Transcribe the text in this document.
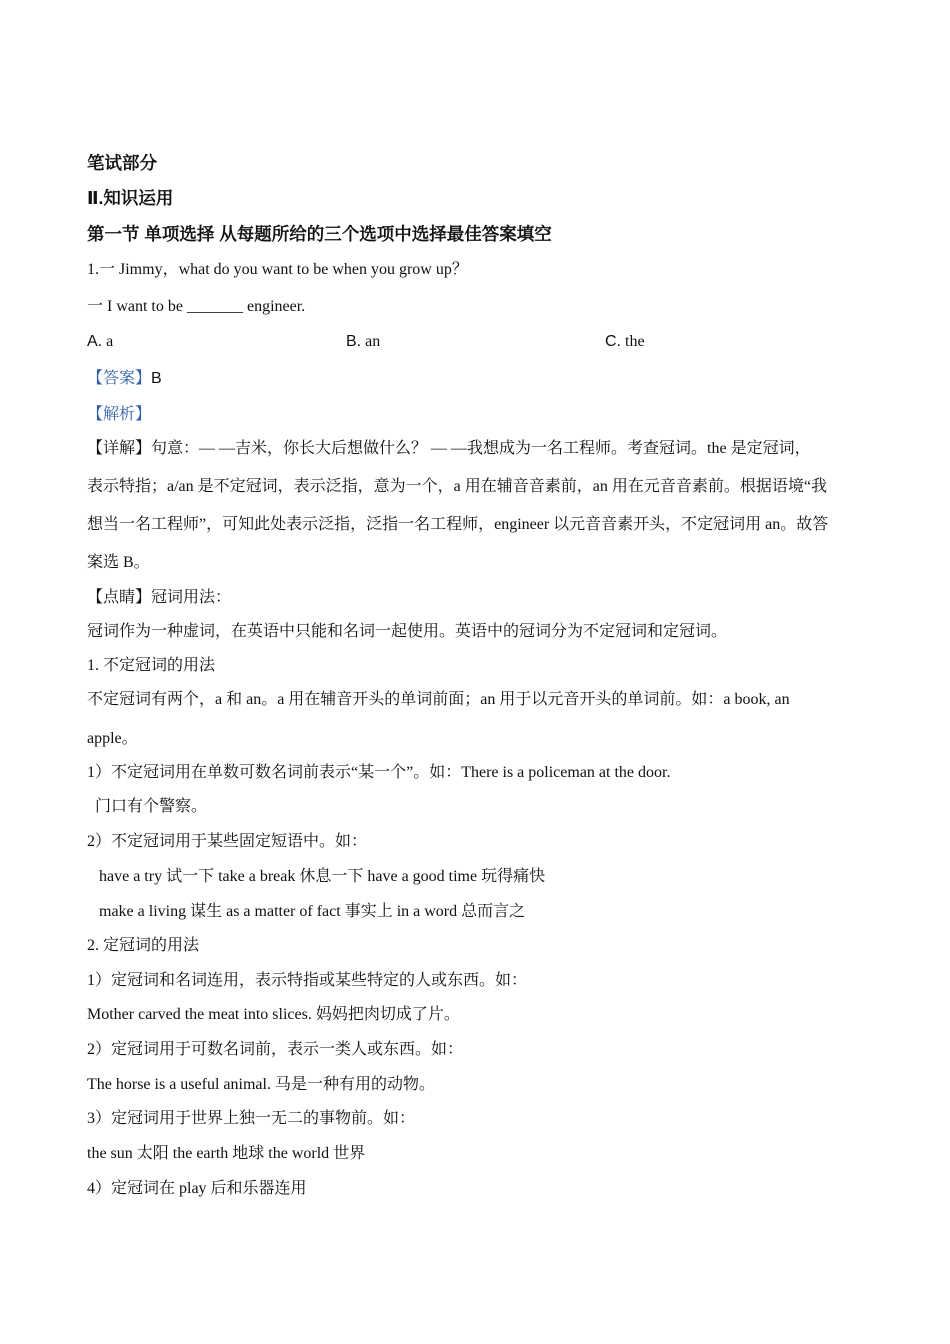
笔试部分
Ⅱ.知识运用
第一节 单项选择 从每题所给的三个选项中选择最佳答案填空
1.一 Jimmy，what do you want to be when you grow up？
一 I want to be _______ engineer.
A. a	B. an	C. the
【答案】B
【解析】
【详解】句意：— —吉米，你长大后想做什么？ — —我想成为一名工程师。考查冠词。the 是定冠词，
表示特指；a/an 是不定冠词，表示泛指，意为一个，a 用在辅音音素前，an 用在元音音素前。根据语境“我
想当一名工程师”，可知此处表示泛指，泛指一名工程师，engineer 以元音音素开头，不定冠词用 an。故答
案选 B。
【点睛】冠词用法：
冠词作为一种虚词，在英语中只能和名词一起使用。英语中的冠词分为不定冠词和定冠词。
1. 不定冠词的用法
不定冠词有两个，a 和 an。a 用在辅音开头的单词前面；an 用于以元音开头的单词前。如：a book, an
apple。
1）不定冠词用在单数可数名词前表示“某一个”。如：There is a policeman at the door.
门口有个警察。
2）不定冠词用于某些固定短语中。如：
have a try 试一下 take a break 休息一下 have a good time 玩得痛快
make a living 谋生 as a matter of fact 事实上 in a word 总而言之
2. 定冠词的用法
1）定冠词和名词连用，表示特指或某些特定的人或东西。如：
Mother carved the meat into slices. 妈妈把肉切成了片。
2）定冠词用于可数名词前，表示一类人或东西。如：
The horse is a useful animal. 马是一种有用的动物。
3）定冠词用于世界上独一无二的事物前。如：
the sun 太阳 the earth 地球 the world 世界
4）定冠词在 play 后和乐器连用
